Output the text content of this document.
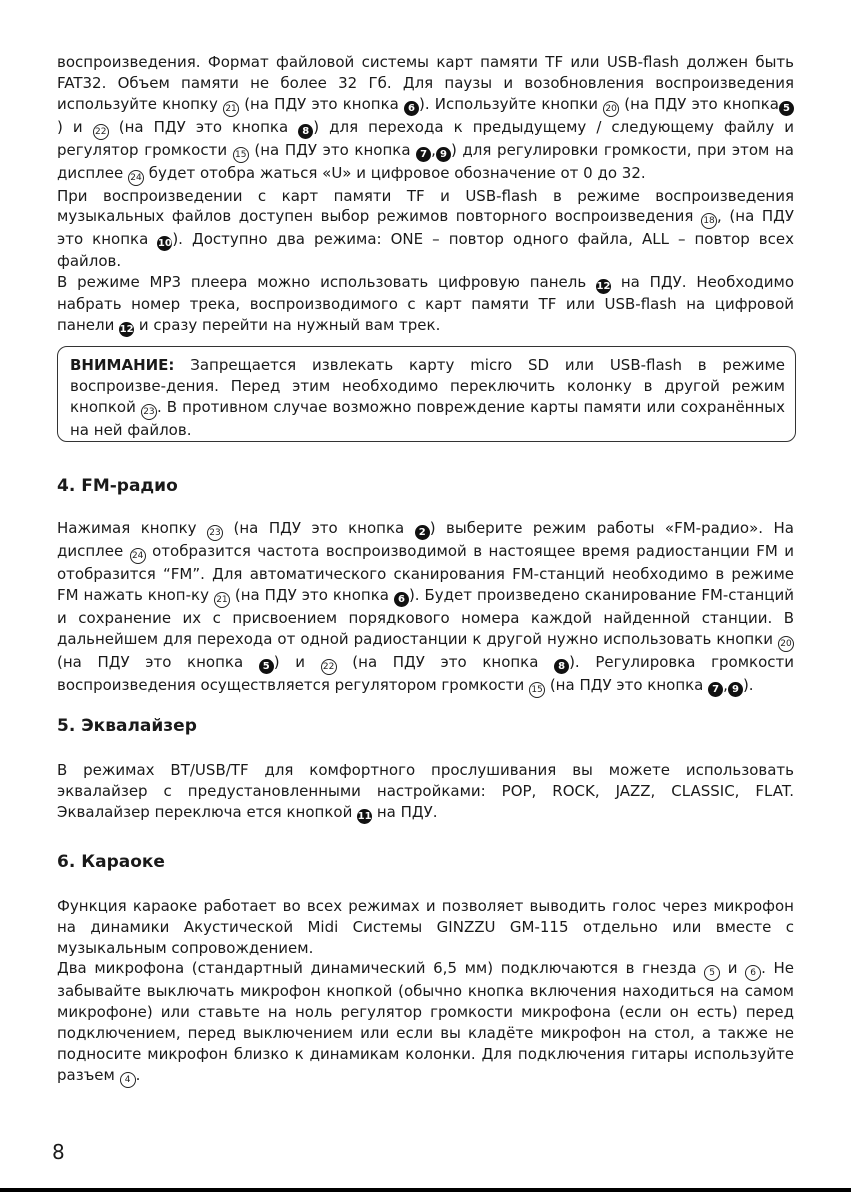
воспроизведения. Формат файловой системы карт памяти TF или USB-flash должен быть FAT32. Объем памяти не более 32 Гб. Для паузы и возобновления воспроизведения используйте кнопку 21 (на ПДУ это кнопка 6 ). Используйте кнопки 20 (на ПДУ это кнопка 5) и 22 (на ПДУ это кнопка 8 ) для перехода к предыдущему / следующему файлу и регулятор громкости 15 (на ПДУ это кнопка 7 , 9 ) для регулировки громкости, при этом на дисплее 24 будет отобра жаться «U» и цифровое обозначение от 0 до 32.

При воспроизведении с карт памяти TF и USB-flash в режиме воспроизведения музыкальных файлов доступен выбор режимов повторного воспроизведения 18 , (на ПДУ это кнопка 10). Доступно два режима: ONE – повтор одного файла, ALL – повтор всех файлов.

В режиме MP3 плеера можно использовать цифровую панель 12 на ПДУ. Необходимо набрать номер трека, воспроизводимого с карт памяти TF или USB-flash на цифровой панели 12 и сразу перейти на нужный вам трек.

ВНИМАНИЕ: Запрещается извлекать карту micro SD или USB-flash в режиме воспроизве-дения. Перед этим необходимо переключить колонку в другой режим кнопкой 23 . В противном случае возможно повреждение карты памяти или сохранённых на ней файлов.

4. FM-радио

Нажимая кнопку 23 (на ПДУ это кнопка 2 ) выберите режим работы «FM-радио». На дисплее 24 отобразится частота воспроизводимой в настоящее время радиостанции FM и отобразится “FM”. Для автоматического сканирования FM-станций необходимо в режиме FM нажать кноп-ку 21 (на ПДУ это кнопка 6 ). Будет произведено сканирование FM-станций и сохранение их с присвоением порядкового номера каждой найденной станции. В дальнейшем для перехода от одной радиостанции к другой нужно использовать кнопки 20 (на ПДУ это кнопка 5 ) и 22 (на ПДУ это кнопка 8 ). Регулировка громкости воспроизведения осуществляется регулятором громкости 15 (на ПДУ это кнопка 7 , 9 ).

5. Эквалайзер

В режимах BT/USB/TF для комфортного прослушивания вы можете использовать эквалайзер с предустановленными настройками: POP, ROCK, JAZZ, CLASSIC, FLAT. Эквалайзер переключа ется кнопкой 11 на ПДУ.

6. Караоке

Функция караоке работает во всех режимах и позволяет выводить голос через микрофон на динамики Акустической Midi Системы GINZZU GM-115 отдельно или вместе с музыкальным сопровождением.

Два микрофона (стандартный динамический 6,5 мм) подключаются в гнезда 5 и 6 . Не забывайте выключать микрофон кнопкой (обычно кнопка включения находиться на самом микрофоне) или ставьте на ноль регулятор громкости микрофона (если он есть) перед подключением, перед выключением или если вы кладёте микрофон на стол, а также не подносите микрофон близко к динамикам колонки. Для подключения гитары используйте разъем 4 .

8
